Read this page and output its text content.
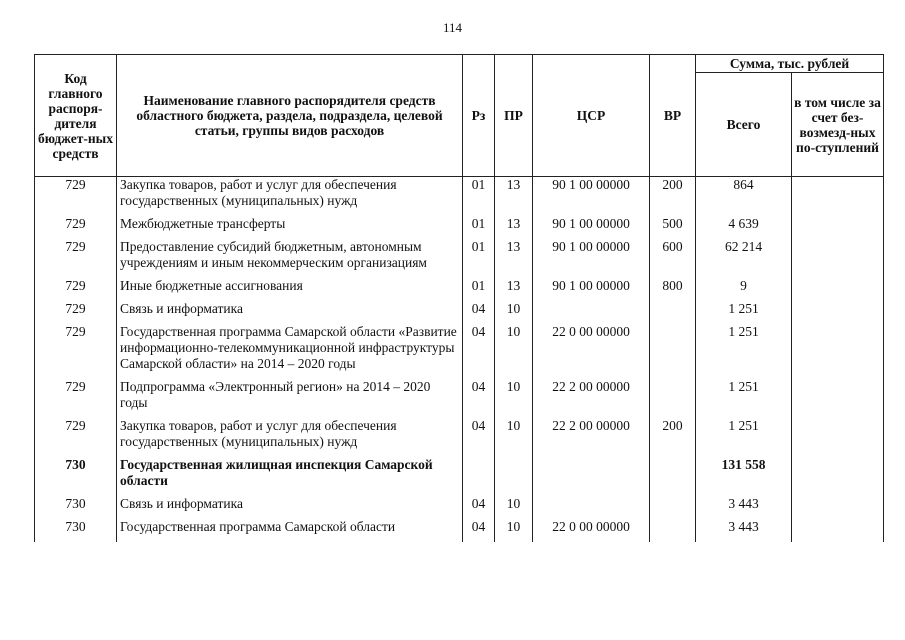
114
Код главного распоря-дителя бюджет-ных средств	Наименование главного распорядителя средств областного бюджета, раздела, подраздела, целевой статьи, группы видов расходов	Рз	ПР	ЦСР	ВР	Сумма, тыс. рублей	
						Всего	в том числе за счет без-возмезд-ных по-ступлений
729	Закупка товаров, работ и услуг для обеспечения государственных (муниципальных) нужд	01	13	90 1 00 00000	200	864	
729	Межбюджетные трансферты	01	13	90 1 00 00000	500	4 639	
729	Предоставление субсидий бюджетным, автономным учреждениям и иным некоммерческим организациям	01	13	90 1 00 00000	600	62 214	
729	Иные бюджетные ассигнования	01	13	90 1 00 00000	800	9	
729	Связь и информатика	04	10			1 251	
729	Государственная программа Самарской области «Развитие информационно-телекоммуникационной инфраструктуры Самарской области» на 2014 – 2020 годы	04	10	22 0 00 00000		1 251	
729	Подпрограмма «Электронный регион» на 2014 – 2020 годы	04	10	22 2 00 00000		1 251	
729	Закупка товаров, работ и услуг для обеспечения государственных (муниципальных) нужд	04	10	22 2 00 00000	200	1 251	
730	Государственная жилищная инспекция Самарской области					131 558	
730	Связь и информатика	04	10			3 443	
730	Государственная программа Самарской области	04	10	22 0 00 00000		3 443	
